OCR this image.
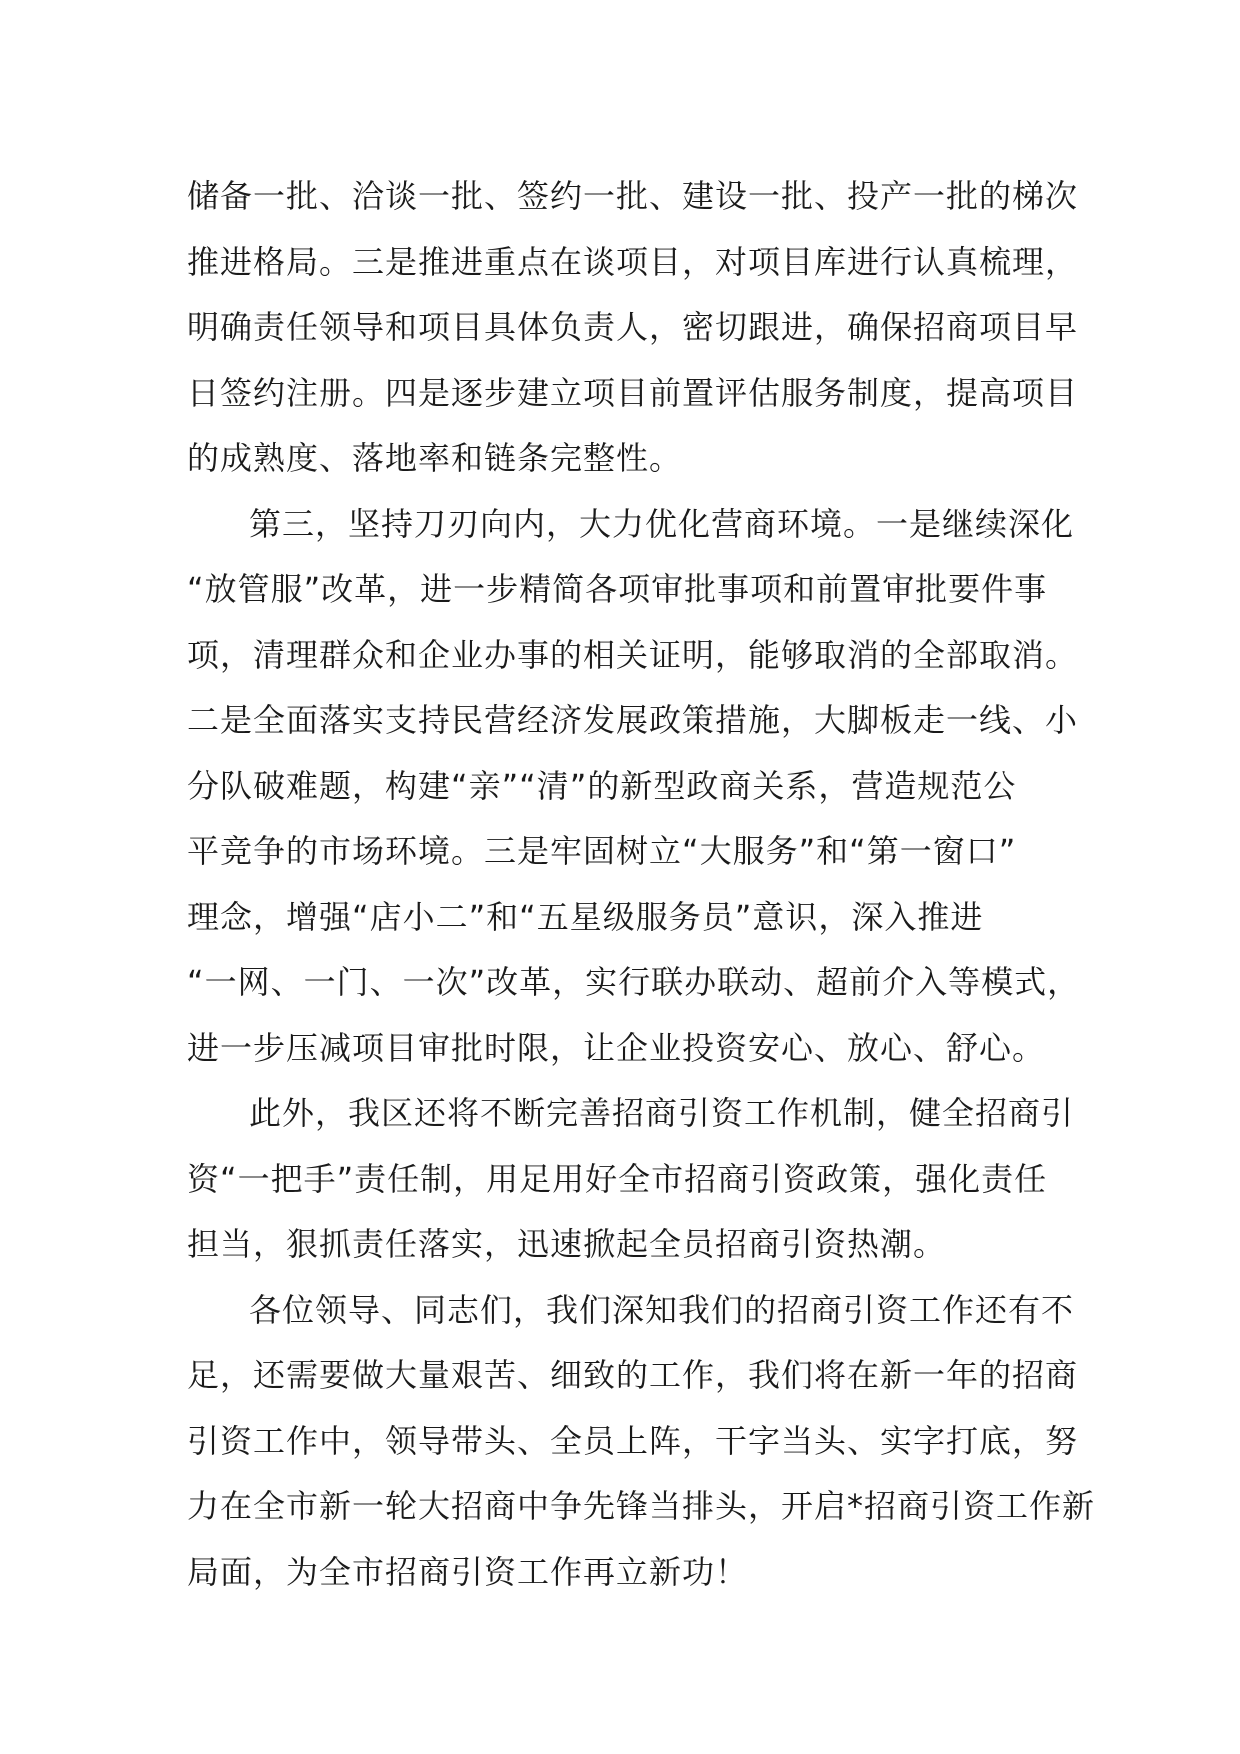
储备一批、洽谈一批、签约一批、建设一批、投产一批的梯次
推进格局。三是推进重点在谈项目，对项目库进行认真梳理，
明确责任领导和项目具体负责人，密切跟进，确保招商项目早
日签约注册。四是逐步建立项目前置评估服务制度，提高项目
的成熟度、落地率和链条完整性。
第三，坚持刀刃向内，大力优化营商环境。一是继续深化
“放管服”改革，进一步精简各项审批事项和前置审批要件事
项，清理群众和企业办事的相关证明，能够取消的全部取消。
二是全面落实支持民营经济发展政策措施，大脚板走一线、小
分队破难题，构建“亲”“清”的新型政商关系，营造规范公
平竞争的市场环境。三是牢固树立“大服务”和“第一窗口”
理念，增强“店小二”和“五星级服务员”意识，深入推进
“一网、一门、一次”改革，实行联办联动、超前介入等模式，
进一步压减项目审批时限，让企业投资安心、放心、舒心。
此外，我区还将不断完善招商引资工作机制，健全招商引
资“一把手”责任制，用足用好全市招商引资政策，强化责任
担当，狠抓责任落实，迅速掀起全员招商引资热潮。
各位领导、同志们，我们深知我们的招商引资工作还有不
足，还需要做大量艰苦、细致的工作，我们将在新一年的招商
引资工作中，领导带头、全员上阵，干字当头、实字打底，努
力在全市新一轮大招商中争先锋当排头，开启*招商引资工作新
局面，为全市招商引资工作再立新功！
